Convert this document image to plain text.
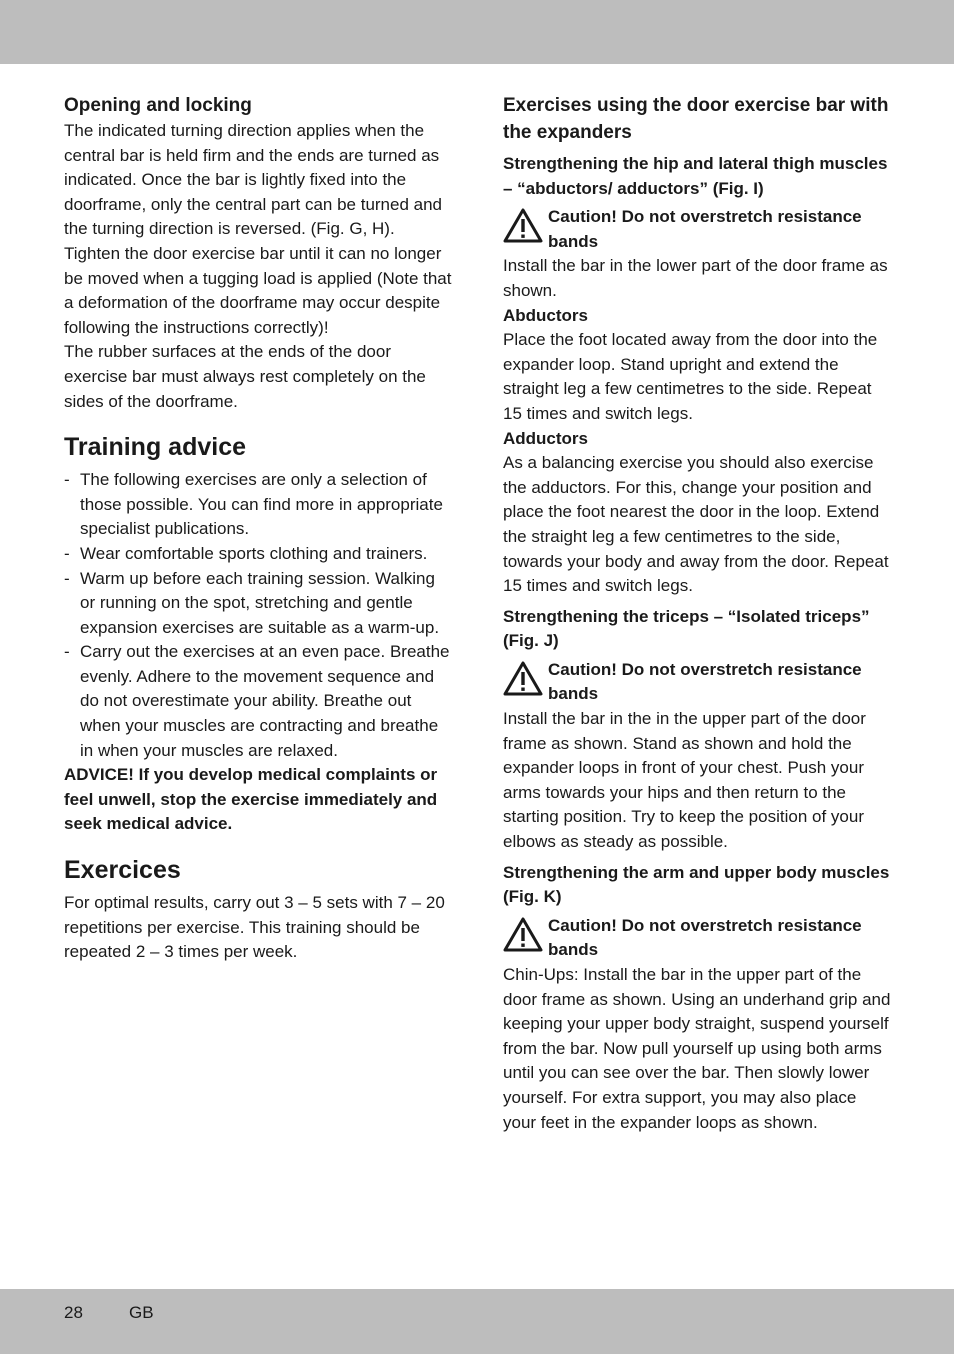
Opening and locking

The indicated turning direction applies when the central bar is held firm and the ends are turned as indicated. Once the bar is lightly fixed into the doorframe, only the central part can be turned and the turning direction is reversed. (Fig. G, H).

Tighten the door exercise bar until it can no longer be moved when a tugging load is applied (Note that a deformation of the doorframe may occur despite following the instructions correctly)!

The rubber surfaces at the ends of the door exercise bar must always rest completely on the sides of the doorframe.

Training advice
- The following exercises are only a selection of those possible. You can find more in appropriate specialist publications.
- Wear comfortable sports clothing and trainers.
- Warm up before each training session. Walking or running on the spot, stretching and gentle expansion exercises are suitable as a warm-up.
- Carry out the exercises at an even pace. Breathe evenly. Adhere to the movement sequence and do not overestimate your ability. Breathe out when your muscles are contracting and breathe in when your muscles are relaxed.

ADVICE! If you develop medical complaints or feel unwell, stop the exercise immediately and seek medical advice.

Exercices

For optimal results, carry out 3 – 5 sets with 7 – 20 repetitions per exercise. This training should be repeated 2 – 3 times per week.

Exercises using the door exercise bar with the expanders

Strengthening the hip and lateral thigh muscles – “abductors/ adductors” (Fig. I)

Caution! Do not overstretch resistance bands

Install the bar in the lower part of the door frame as shown.

Abductors

Place the foot located away from the door into the expander loop. Stand upright and extend the straight leg a few centimetres to the side. Repeat 15 times and switch legs.

Adductors

As a balancing exercise you should also exercise the adductors. For this, change your position and place the foot nearest the door in the loop. Extend the straight leg a few centimetres to the side, towards your body and away from the door. Repeat 15 times and switch legs.

Strengthening the triceps – “Isolated triceps” (Fig. J)

Caution! Do not overstretch resistance bands

Install the bar in the in the upper part of the door frame as shown. Stand as shown and hold the expander loops in front of your chest. Push your arms towards your hips and then return to the starting position. Try to keep the position of your elbows as steady as possible.

Strengthening the arm and upper body muscles (Fig. K)

Caution! Do not overstretch resistance bands

Chin-Ups: Install the bar in the upper part of the door frame as shown. Using an underhand grip and keeping your upper body straight, suspend yourself from the bar. Now pull yourself up using both arms until you can see over the bar. Then slowly lower yourself. For extra support, you may also place your feet in the expander loops as shown.

28	GB
